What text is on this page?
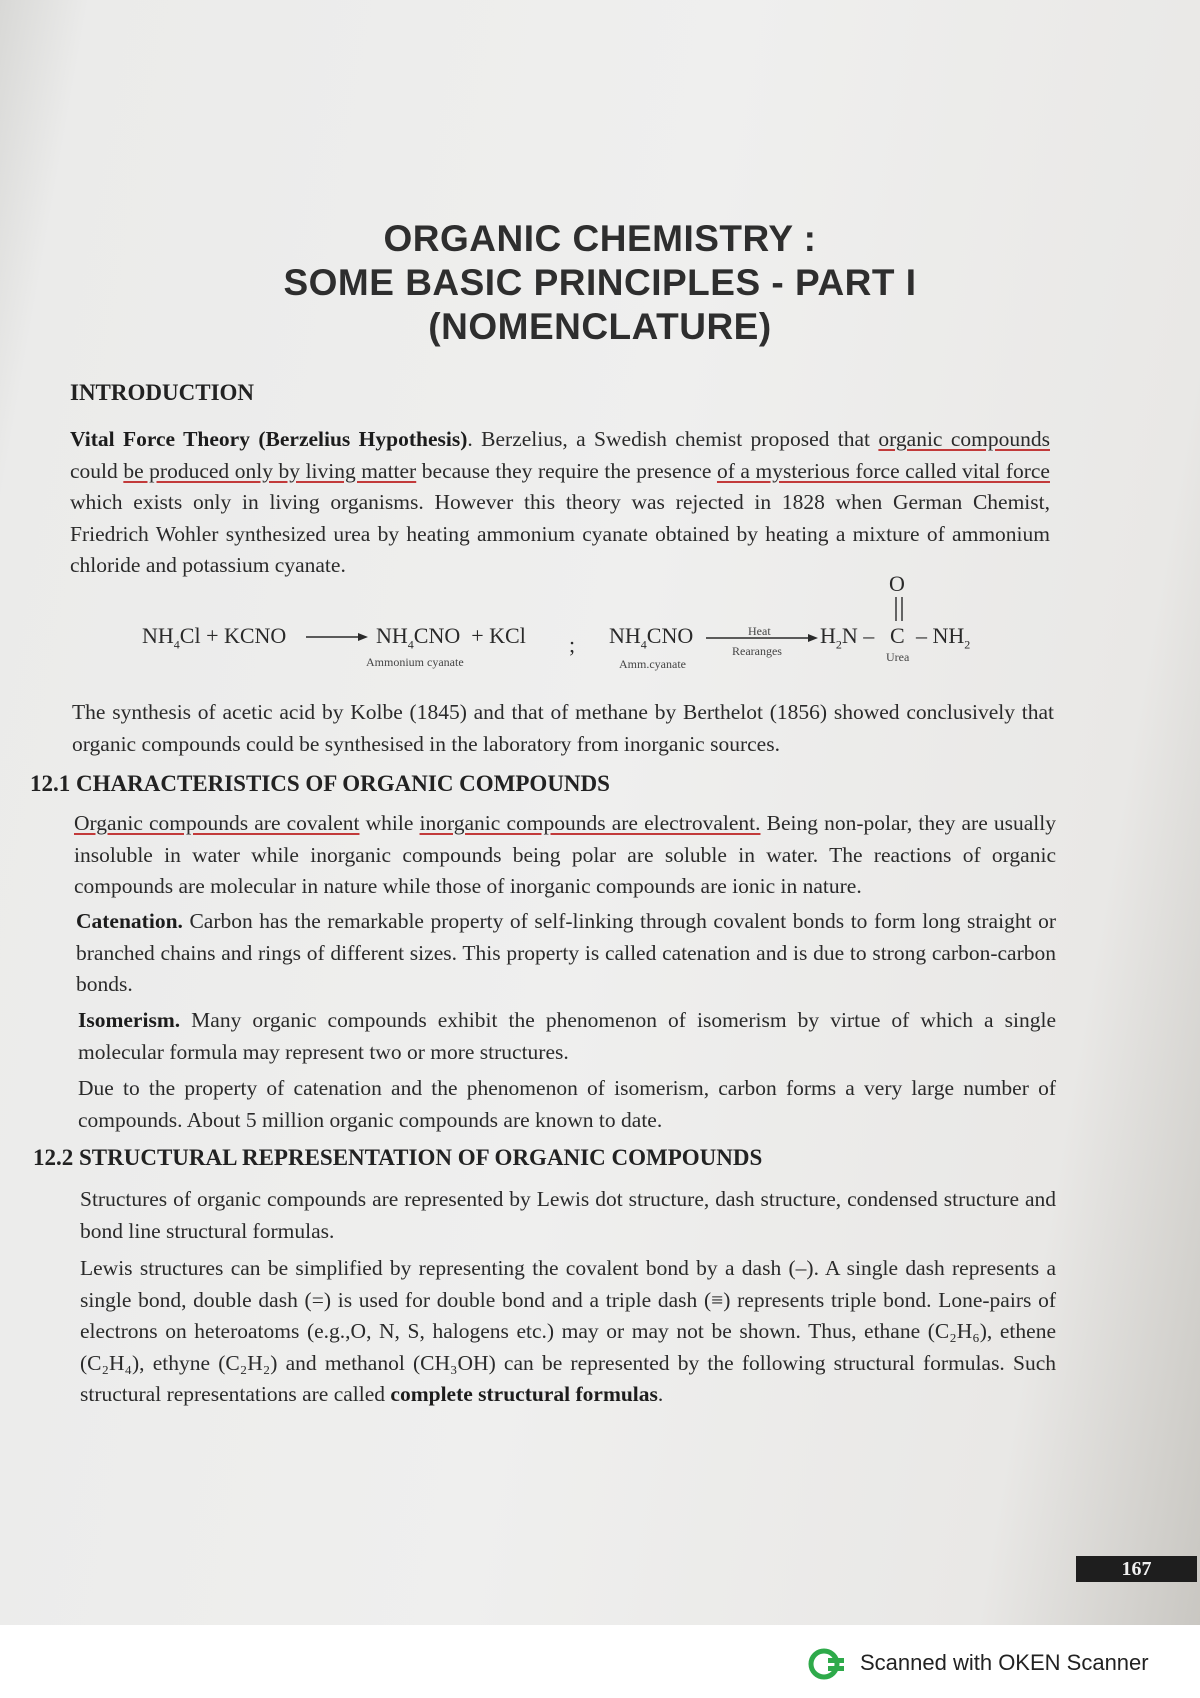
ORGANIC CHEMISTRY :
SOME BASIC PRINCIPLES - PART I
(NOMENCLATURE)
INTRODUCTION
Vital Force Theory (Berzelius Hypothesis). Berzelius, a Swedish chemist proposed that organic compounds could be produced only by living matter because they require the presence of a mysterious force called vital force which exists only in living organisms. However this theory was rejected in 1828 when German Chemist, Friedrich Wohler synthesized urea by heating ammonium cyanate obtained by heating a mixture of ammonium chloride and potassium cyanate.
$NH_4Cl$ + KCNO → $NH_4CNO$  + KCl
Ammonium cyanate
; $NH_4CNO$
Amm.cyanate
Heat
Rearanges
$H_2N$ – C – $NH_2$
O
Urea
The synthesis of acetic acid by Kolbe (1845) and that of methane by Berthelot (1856) showed conclusively that organic compounds could be synthesised in the laboratory from inorganic sources.
12.1 CHARACTERISTICS OF ORGANIC COMPOUNDS
Organic compounds are covalent while inorganic compounds are electrovalent. Being non-polar, they are usually insoluble in water while inorganic compounds being polar are soluble in water. The reactions of organic compounds are molecular in nature while those of inorganic compounds are ionic in nature.
Catenation. Carbon has the remarkable property of self-linking through covalent bonds to form long straight or branched chains and rings of different sizes. This property is called catenation and is due to strong carbon-carbon bonds.
Isomerism. Many organic compounds exhibit the phenomenon of isomerism by virtue of which a single molecular formula may represent two or more structures.
Due to the property of catenation and the phenomenon of isomerism, carbon forms a very large number of compounds. About 5 million organic compounds are known to date.
12.2 STRUCTURAL REPRESENTATION OF ORGANIC COMPOUNDS
Structures of organic compounds are represented by Lewis dot structure, dash structure, condensed structure and bond line structural formulas.
Lewis structures can be simplified by representing the covalent bond by a dash (–). A single dash represents a single bond, double dash (=) is used for double bond and a triple dash (≡) represents triple bond. Lone-pairs of electrons on heteroatoms (e.g.,O, N, S, halogens etc.) may or may not be shown. Thus, ethane (C₂H₆), ethene (C₂H₄), ethyne (C₂H₂) and methanol (CH₃OH) can be represented by the following structural formulas. Such structural representations are called complete structural formulas.
167
Scanned with OKEN Scanner
